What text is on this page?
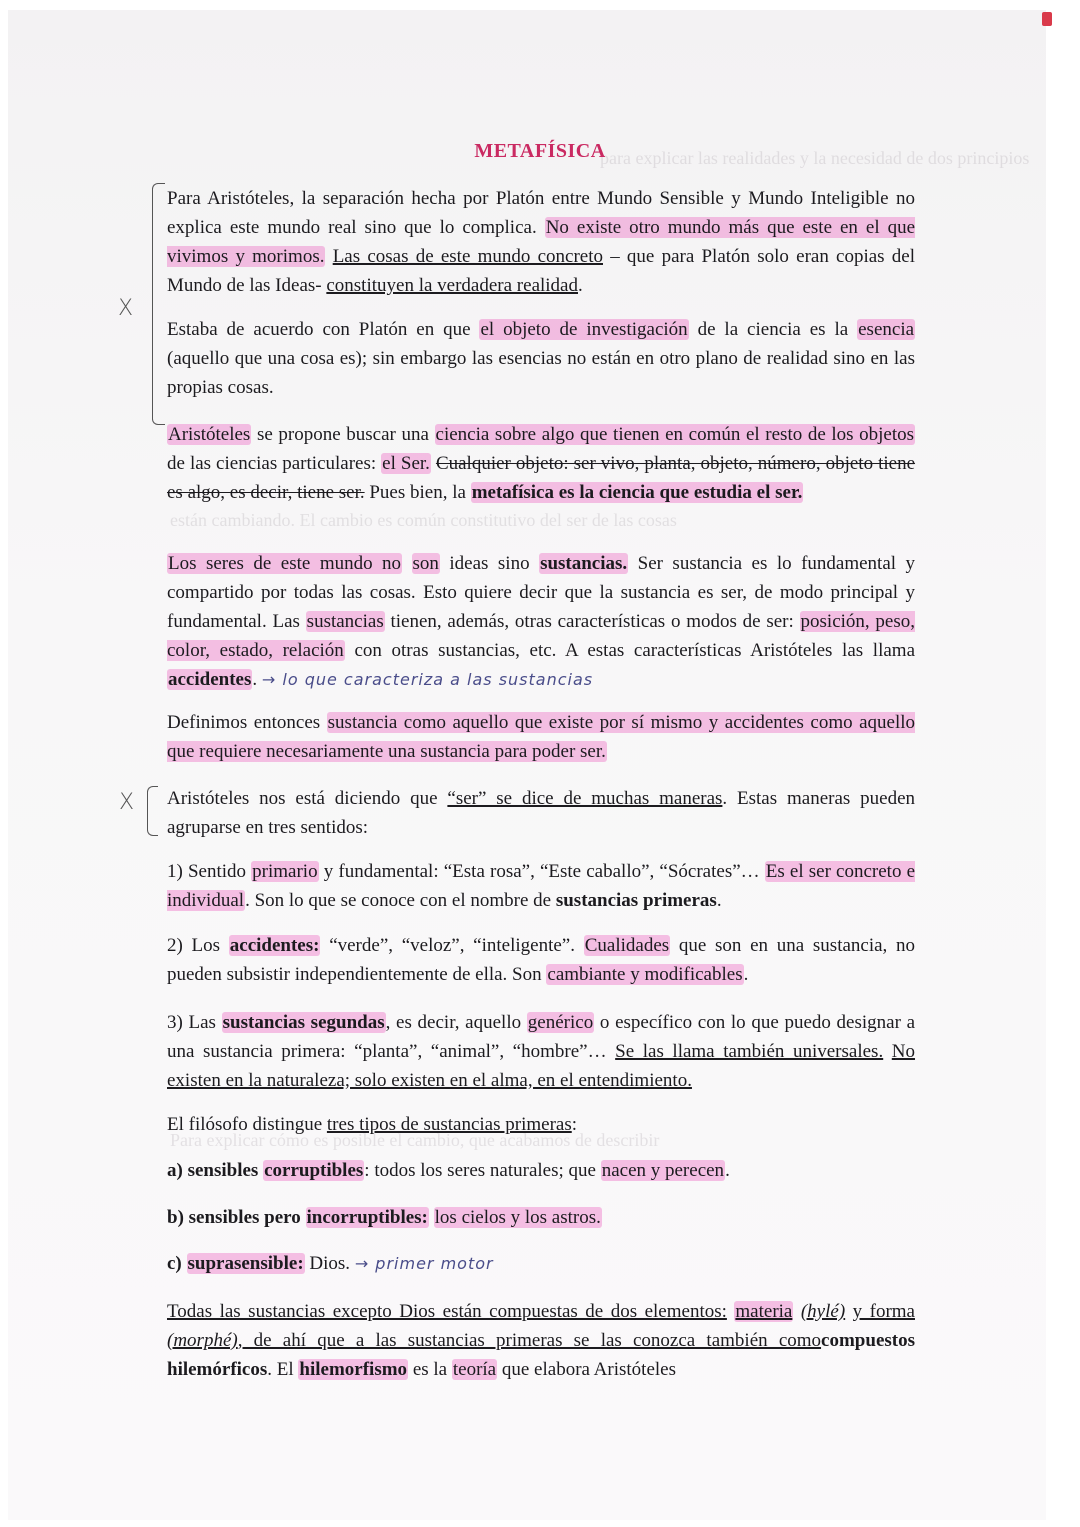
para explicar las realidades y la necesidad de dos principios
están cambiando. El cambio es común constitutivo del ser de las cosas
Para explicar cómo es posible el cambio, que acabamos de describir
METAFÍSICA
X
X

Para Aristóteles, la separación hecha por Platón entre Mundo Sensible y Mundo Inteligible no explica este mundo real sino que lo complica. No existe otro mundo más que este en el que vivimos y morimos. Las cosas de este mundo concreto – que para Platón solo eran copias del Mundo de las Ideas- constituyen la verdadera realidad.

Estaba de acuerdo con Platón en que el objeto de investigación de la ciencia es la esencia (aquello que una cosa es); sin embargo las esencias no están en otro plano de realidad sino en las propias cosas.

Aristóteles se propone buscar una ciencia sobre algo que tienen en común el resto de los objetos de las ciencias particulares: el Ser. Cualquier objeto: ser vivo, planta, objeto, número, objeto tiene es algo, es decir, tiene ser. Pues bien, la metafísica es la ciencia que estudia el ser.

Los seres de este mundo no son ideas sino sustancias. Ser sustancia es lo fundamental y compartido por todas las cosas. Esto quiere decir que la sustancia es ser, de modo principal y fundamental. Las sustancias tienen, además, otras características o modos de ser: posición, peso, color, estado, relación con otras sustancias, etc. A estas características Aristóteles las llama accidentes. → lo que caracteriza a las sustancias

Definimos entonces sustancia como aquello que existe por sí mismo y accidentes como aquello que requiere necesariamente una sustancia para poder ser.

Aristóteles nos está diciendo que “ser” se dice de muchas maneras. Estas maneras pueden agruparse en tres sentidos:

1) Sentido primario y fundamental: “Esta rosa”, “Este caballo”, “Sócrates”… Es el ser concreto e individual. Son lo que se conoce con el nombre de sustancias primeras.

2) Los accidentes: “verde”, “veloz”, “inteligente”. Cualidades que son en una sustancia, no pueden subsistir independientemente de ella. Son cambiante y modificables.

3) Las sustancias segundas, es decir, aquello genérico o específico con lo que puedo designar a una sustancia primera: “planta”, “animal”, “hombre”… Se las llama también universales. No existen en la naturaleza; solo existen en el alma, en el entendimiento.

El filósofo distingue tres tipos de sustancias primeras:

a) sensibles corruptibles: todos los seres naturales; que nacen y perecen.

b) sensibles pero incorruptibles: los cielos y los astros.

c) suprasensible: Dios. → primer motor

Todas las sustancias excepto Dios están compuestas de dos elementos: materia (hylé) y forma (morphé), de ahí que a las sustancias primeras se las conozca también comocompuestos hilemórficos. El hilemorfismo es la teoría que elabora Aristóteles
